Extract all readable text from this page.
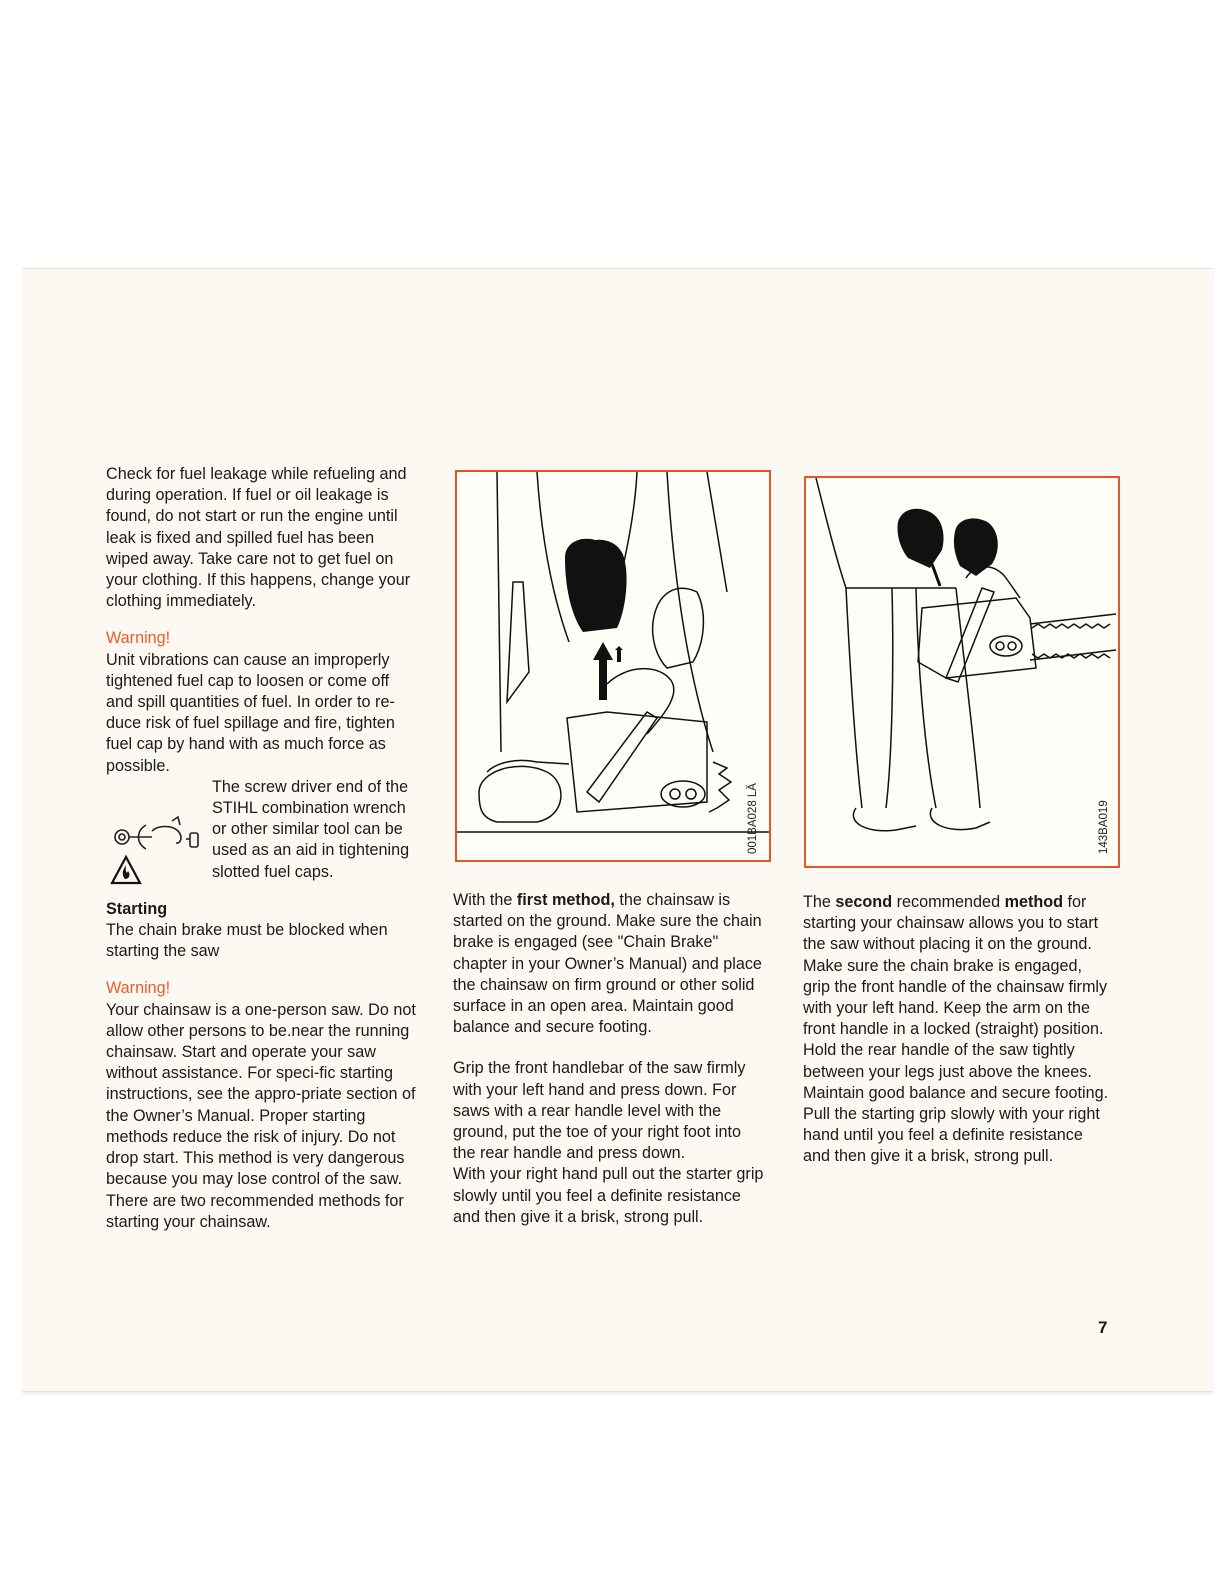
Check for fuel leakage while refueling and during operation. If fuel or oil leakage is found, do not start or run the engine until leak is fixed and spilled fuel has been wiped away. Take care not to get fuel on your clothing. If this happens, change your clothing immediately.

Warning!

Unit vibrations can cause an improperly tightened fuel cap to loosen or come off and spill quantities of fuel. In order to re-duce risk of fuel spillage and fire, tighten fuel cap by hand with as much force as possible.

The screw driver end of the STIHL combination wrench or other similar tool can be used as an aid in tightening slotted fuel caps.

Starting

The chain brake must be blocked when starting the saw

Warning!

Your chainsaw is a one-person saw. Do not allow other persons to be.near the running chainsaw. Start and operate your saw without assistance. For speci-fic starting instructions, see the appro-priate section of the Owner’s Manual. Proper starting methods reduce the risk of injury. Do not drop start. This method is very dangerous because you may lose control of the saw.

There are two recommended methods for starting your chainsaw.

001BA028 LÄ	143BA019

With the first method, the chainsaw is started on the ground. Make sure the chain brake is engaged (see "Chain Brake" chapter in your Owner’s Manual) and place the chainsaw on firm ground or other solid surface in an open area. Maintain good balance and secure footing.

Grip the front handlebar of the saw firmly with your left hand and press down. For saws with a rear handle level with the ground, put the toe of your right foot into the rear handle and press down.

With your right hand pull out the starter grip slowly until you feel a definite resistance and then give it a brisk, strong pull.

The second recommended method for starting your chainsaw allows you to start the saw without placing it on the ground. Make sure the chain brake is engaged, grip the front handle of the chainsaw firmly with your left hand. Keep the arm on the front handle in a locked (straight) position. Hold the rear handle of the saw tightly between your legs just above the knees. Maintain good balance and secure footing. Pull the starting grip slowly with your right hand until you feel a definite resistance and then give it a brisk, strong pull.

7
